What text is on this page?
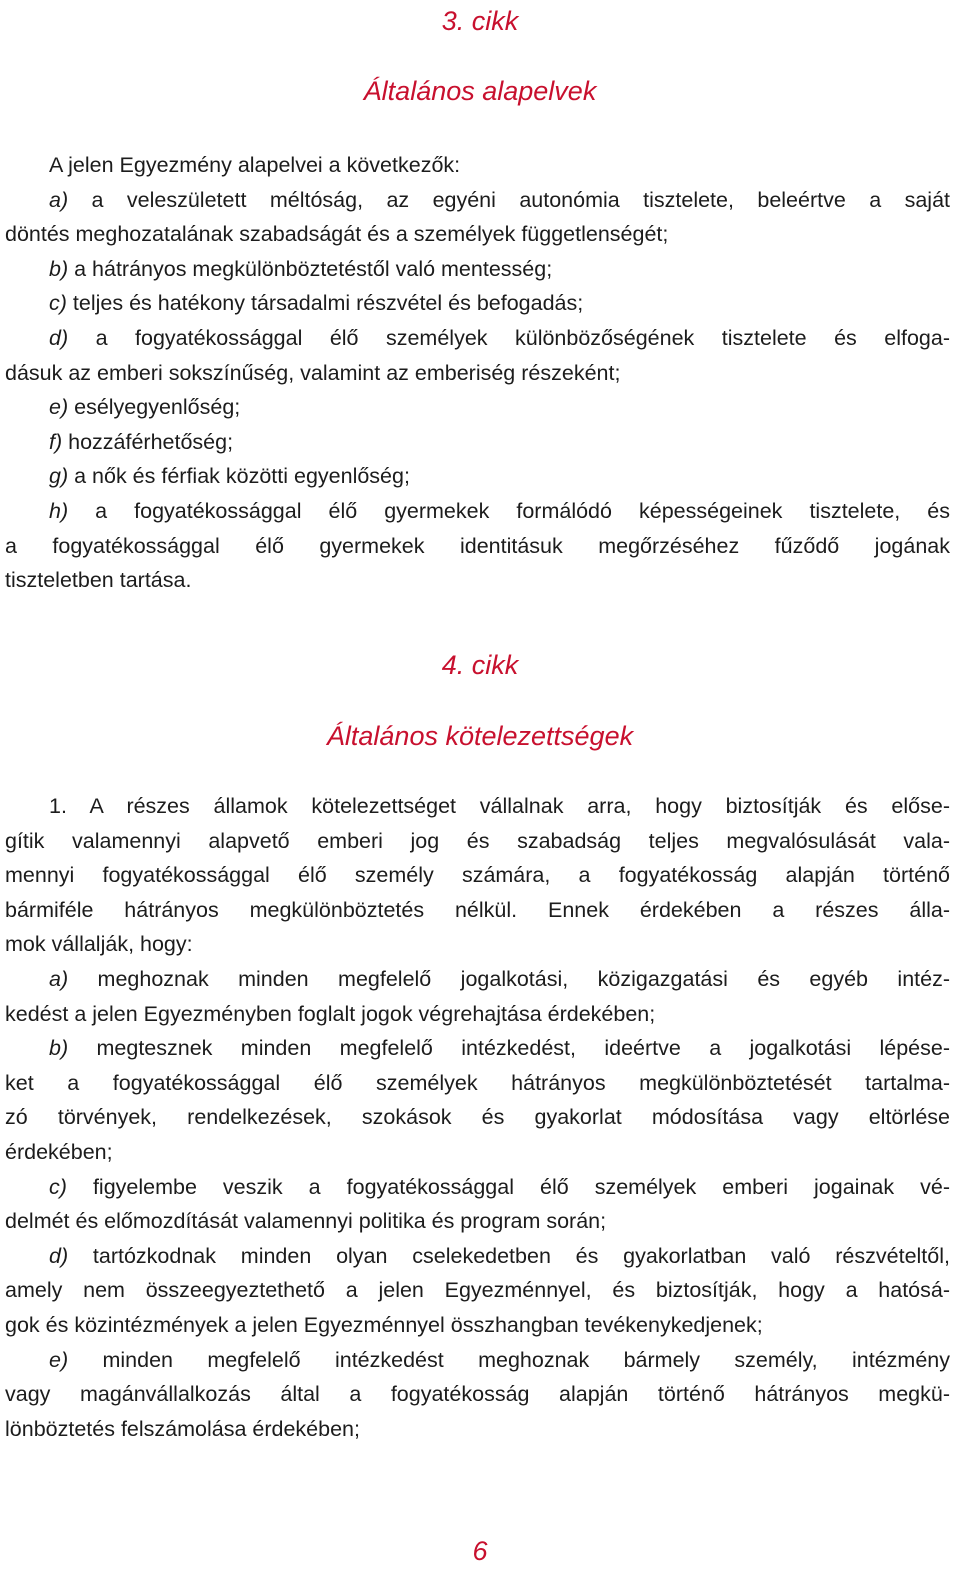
3. cikk
Általános alapelvek
A jelen Egyezmény alapelvei a következők:
a) a veleszületett méltóság, az egyéni autonómia tisztelete, beleértve a saját
döntés meghozatalának szabadságát és a személyek függetlenségét;
b) a hátrányos megkülönböztetéstől való mentesség;
c) teljes és hatékony társadalmi részvétel és befogadás;
d) a fogyatékossággal élő személyek különbözőségének tisztelete és elfoga-
dásuk az emberi sokszínűség, valamint az emberiség részeként;
e) esélyegyenlőség;
f) hozzáférhetőség;
g) a nők és férfiak közötti egyenlőség;
h) a fogyatékossággal élő gyermekek formálódó képességeinek tisztelete, és
a fogyatékossággal élő gyermekek identitásuk megőrzéséhez fűződő jogának
tiszteletben tartása.
4. cikk
Általános kötelezettségek
1. A részes államok kötelezettséget vállalnak arra, hogy biztosítják és előse-
gítik valamennyi alapvető emberi jog és szabadság teljes megvalósulását vala-
mennyi fogyatékossággal élő személy számára, a fogyatékosság alapján történő
bármiféle hátrányos megkülönböztetés nélkül. Ennek érdekében a részes álla-
mok vállalják, hogy:
a) meghoznak minden megfelelő jogalkotási, közigazgatási és egyéb intéz-
kedést a jelen Egyezményben foglalt jogok végrehajtása érdekében;
b) megtesznek minden megfelelő intézkedést, ideértve a jogalkotási lépése-
ket a fogyatékossággal élő személyek hátrányos megkülönböztetését tartalma-
zó törvények, rendelkezések, szokások és gyakorlat módosítása vagy eltörlése
érdekében;
c) figyelembe veszik a fogyatékossággal élő személyek emberi jogainak vé-
delmét és előmozdítását valamennyi politika és program során;
d) tartózkodnak minden olyan cselekedetben és gyakorlatban való részvételtől,
amely nem összeegyeztethető a jelen Egyezménnyel, és biztosítják, hogy a hatósá-
gok és közintézmények a jelen Egyezménnyel összhangban tevékenykedjenek;
e) minden megfelelő intézkedést meghoznak bármely személy, intézmény
vagy magánvállalkozás által a fogyatékosság alapján történő hátrányos megkü-
lönböztetés felszámolása érdekében;
6
